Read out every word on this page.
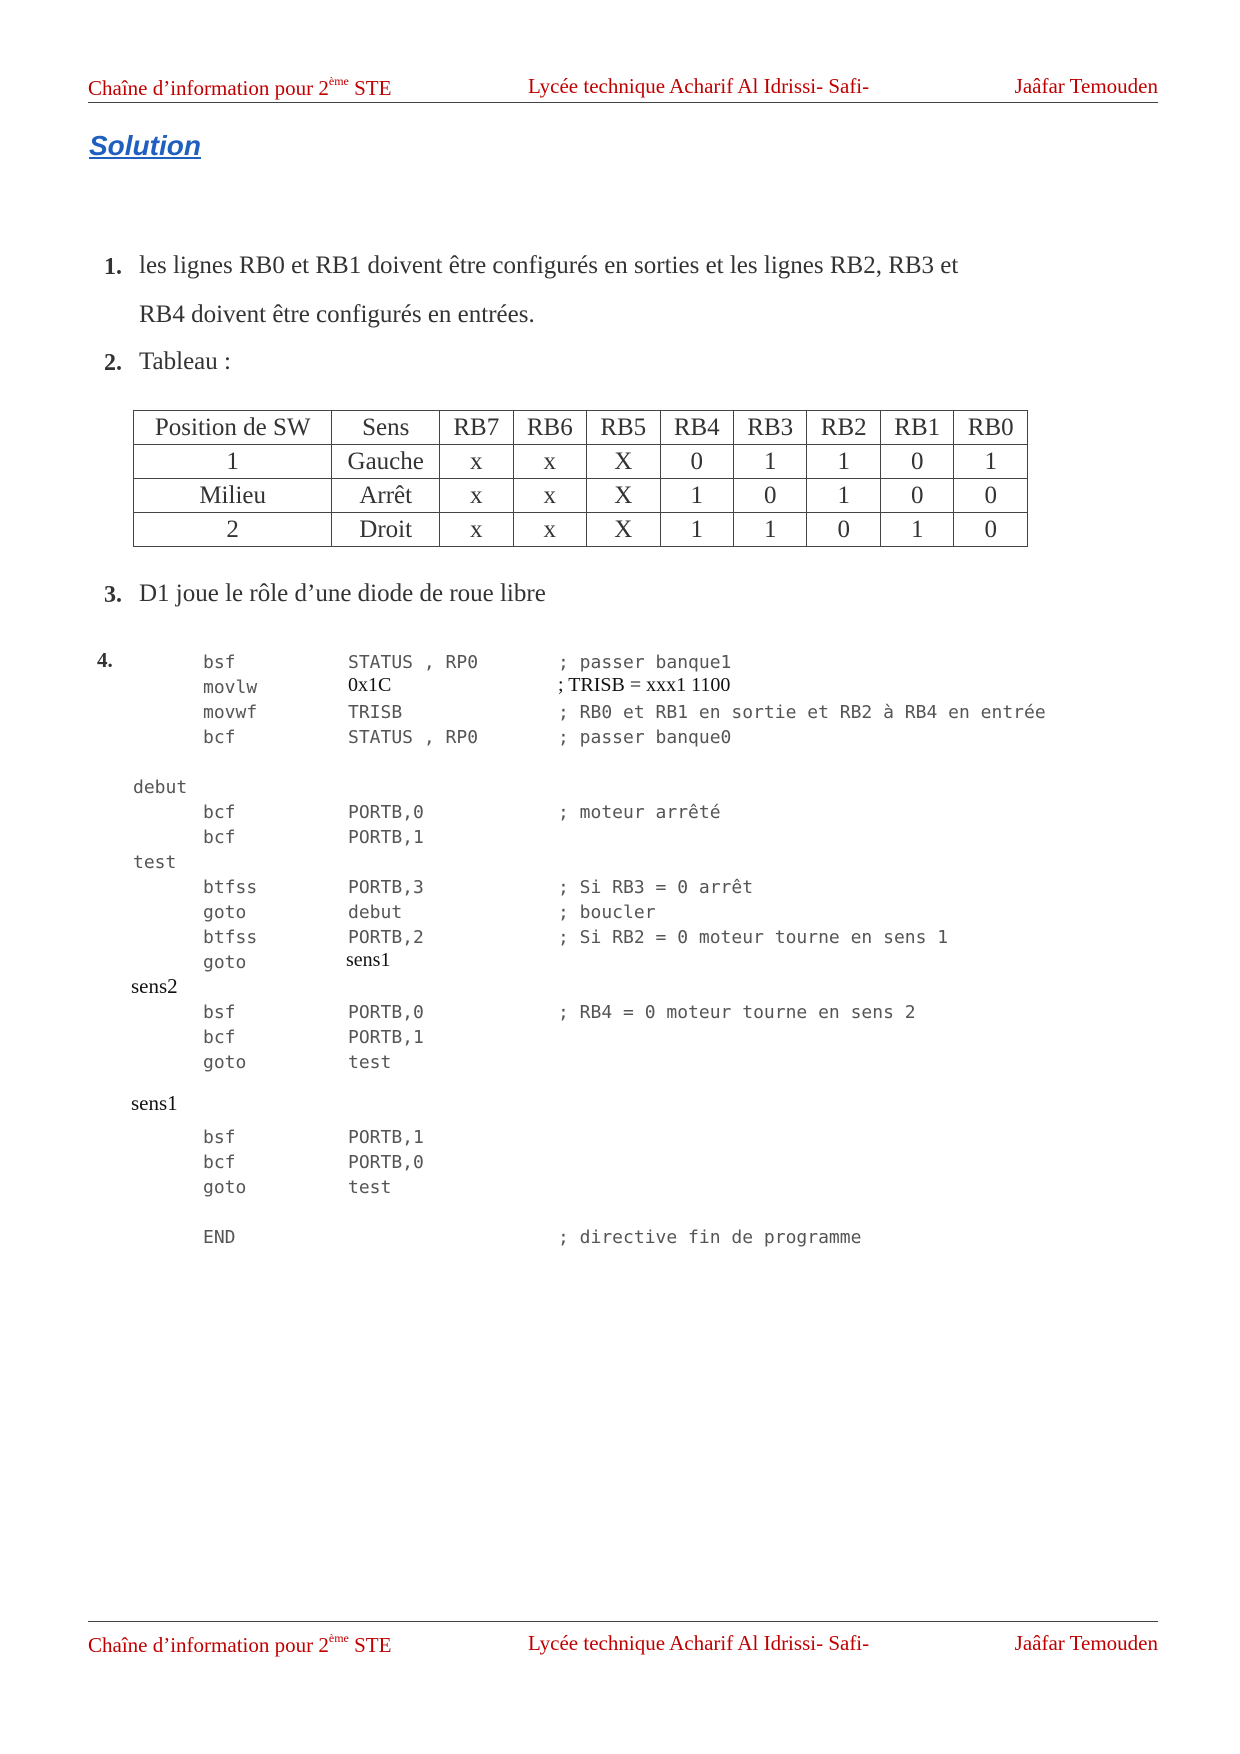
Chaîne d’information pour 2ème STE	Lycée technique Acharif Al Idrissi- Safi-	Jaâfar Temouden
Solution
1. les lignes RB0 et RB1 doivent être configurés en sorties et les lignes RB2, RB3 et
RB4 doivent être configurés en entrées.
2. Tableau :
Position de SW	Sens	RB7	RB6	RB5	RB4	RB3	RB2	RB1	RB0
1	Gauche	x	x	X	0	1	1	0	1
Milieu	Arrêt	x	x	X	1	0	1	0	0
2	Droit	x	x	X	1	1	0	1	0
3. D1 joue le rôle d’une diode de roue libre
4.	bsf	STATUS , RP0	; passer banque1
movlw	0x1C	; TRISB = xxx1 1100
movwf	TRISB	; RB0 et RB1 en sortie et RB2 à RB4 en entrée
bcf	STATUS , RP0	; passer banque0
debut
bcf	PORTB,0	; moteur arrêté
bcf	PORTB,1
test
btfss	PORTB,3	; Si RB3 = 0 arrêt
goto	debut	; boucler
btfss	PORTB,2	; Si RB2 = 0 moteur tourne en sens 1
goto	sens1
sens2
bsf	PORTB,0	; RB4 = 0 moteur tourne en sens 2
bcf	PORTB,1
goto	test
sens1
bsf	PORTB,1
bcf	PORTB,0
goto	test
END	; directive fin de programme
Chaîne d’information pour 2ème STE	Lycée technique Acharif Al Idrissi- Safi-	Jaâfar Temouden
